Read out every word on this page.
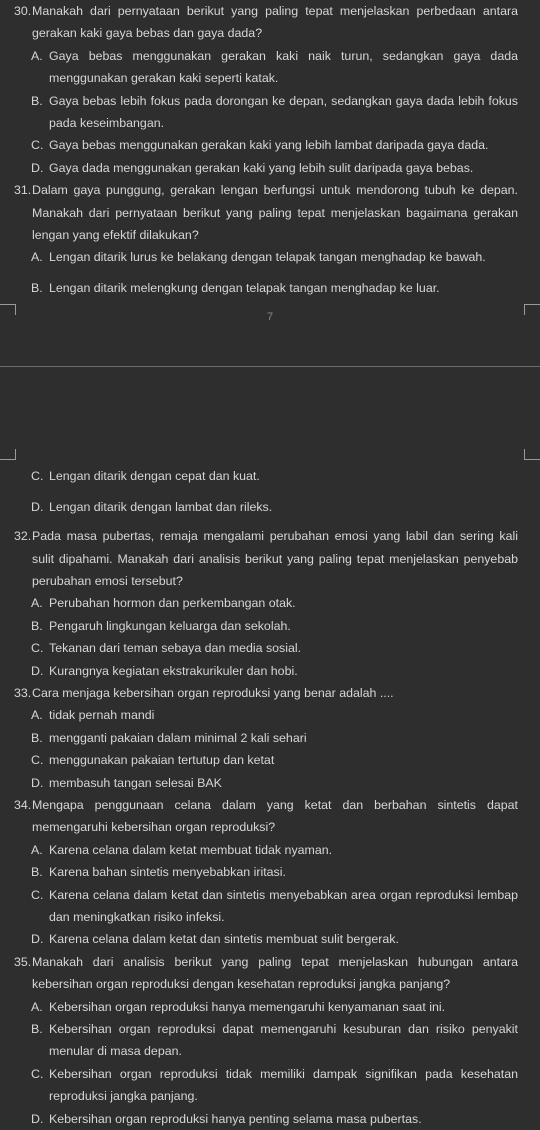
30. Manakah dari pernyataan berikut yang paling tepat menjelaskan perbedaan antara gerakan kaki gaya bebas dan gaya dada?

A. Gaya bebas menggunakan gerakan kaki naik turun, sedangkan gaya dada menggunakan gerakan kaki seperti katak.
B. Gaya bebas lebih fokus pada dorongan ke depan, sedangkan gaya dada lebih fokus pada keseimbangan.
C. Gaya bebas menggunakan gerakan kaki yang lebih lambat daripada gaya dada.
D. Gaya dada menggunakan gerakan kaki yang lebih sulit daripada gaya bebas.

31. Dalam gaya punggung, gerakan lengan berfungsi untuk mendorong tubuh ke depan. Manakah dari pernyataan berikut yang paling tepat menjelaskan bagaimana gerakan lengan yang efektif dilakukan?

A. Lengan ditarik lurus ke belakang dengan telapak tangan menghadap ke bawah.
B. Lengan ditarik melengkung dengan telapak tangan menghadap ke luar.
7
C. Lengan ditarik dengan cepat dan kuat.
D. Lengan ditarik dengan lambat dan rileks.

32. Pada masa pubertas, remaja mengalami perubahan emosi yang labil dan sering kali sulit dipahami. Manakah dari analisis berikut yang paling tepat menjelaskan penyebab perubahan emosi tersebut?

A. Perubahan hormon dan perkembangan otak.
B. Pengaruh lingkungan keluarga dan sekolah.
C. Tekanan dari teman sebaya dan media sosial.
D. Kurangnya kegiatan ekstrakurikuler dan hobi.

33. Cara menjaga kebersihan organ reproduksi yang benar adalah ....

A. tidak pernah mandi
B. mengganti pakaian dalam minimal 2 kali sehari
C. menggunakan pakaian tertutup dan ketat
D. membasuh tangan selesai BAK

34. Mengapa penggunaan celana dalam yang ketat dan berbahan sintetis dapat memengaruhi kebersihan organ reproduksi?

A. Karena celana dalam ketat membuat tidak nyaman.
B. Karena bahan sintetis menyebabkan iritasi.
C. Karena celana dalam ketat dan sintetis menyebabkan area organ reproduksi lembap dan meningkatkan risiko infeksi.
D. Karena celana dalam ketat dan sintetis membuat sulit bergerak.

35. Manakah dari analisis berikut yang paling tepat menjelaskan hubungan antara kebersihan organ reproduksi dengan kesehatan reproduksi jangka panjang?

A. Kebersihan organ reproduksi hanya memengaruhi kenyamanan saat ini.
B. Kebersihan organ reproduksi dapat memengaruhi kesuburan dan risiko penyakit menular di masa depan.
C. Kebersihan organ reproduksi tidak memiliki dampak signifikan pada kesehatan reproduksi jangka panjang.
D. Kebersihan organ reproduksi hanya penting selama masa pubertas.
